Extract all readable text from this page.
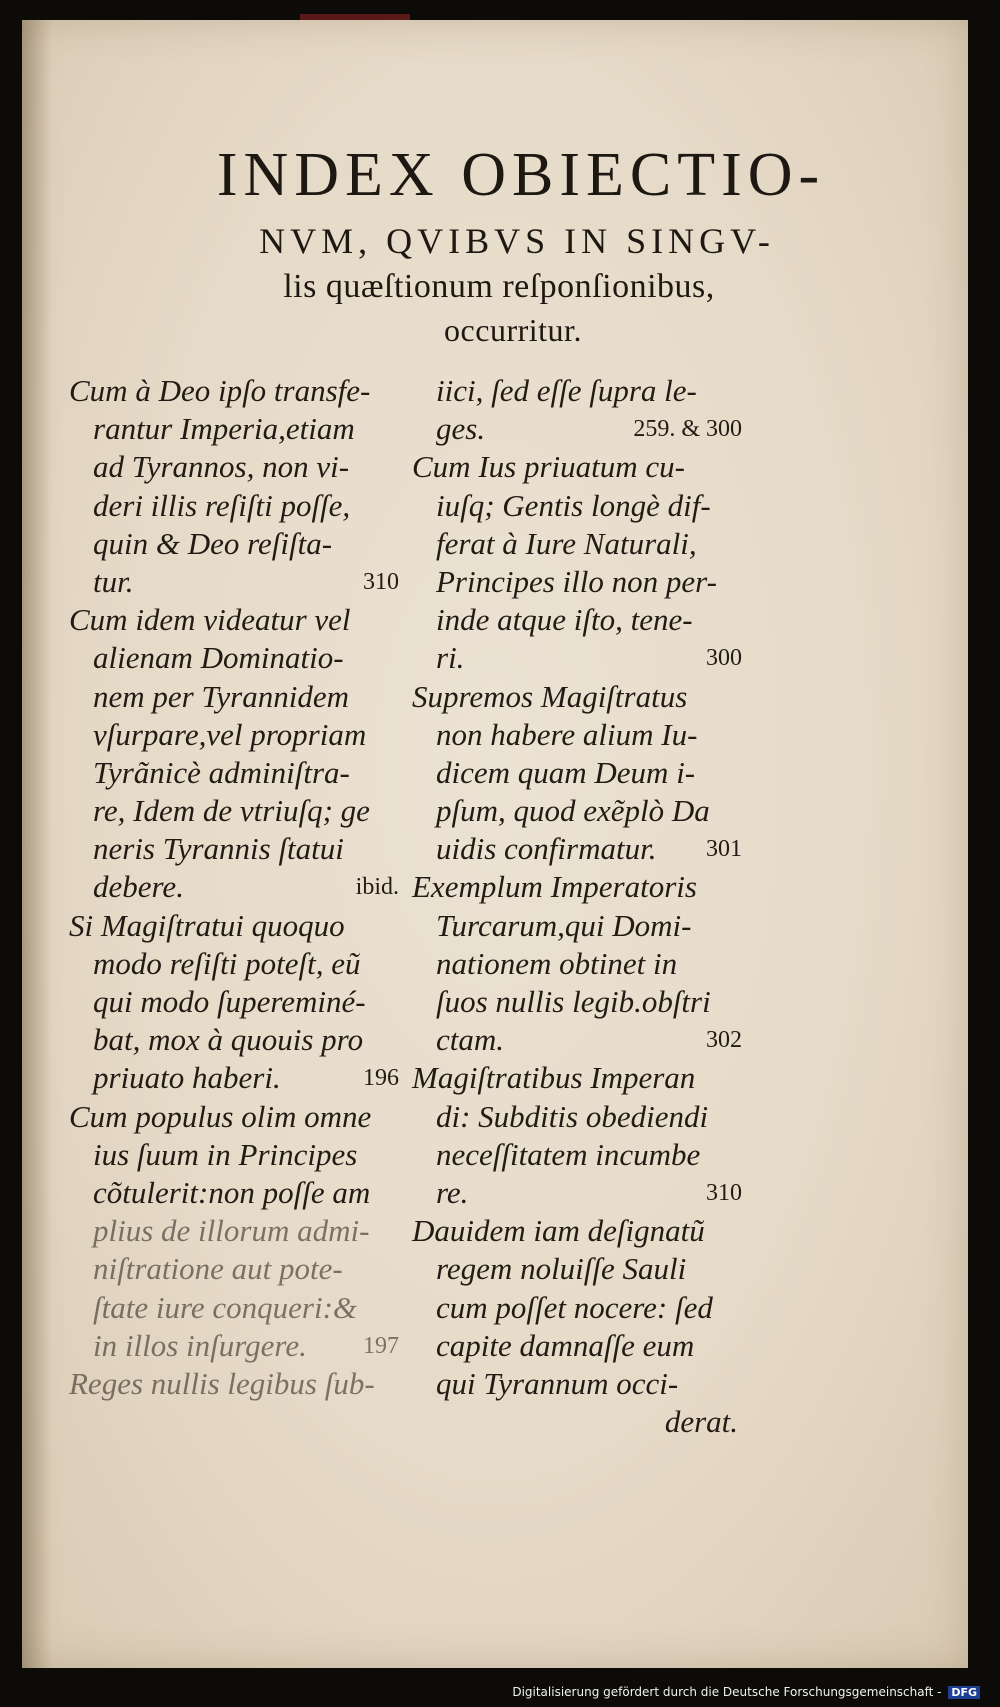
INDEX OBIECTIO-
NVM, QVIBVS IN SINGV-
lis quæſtionum reſponſionibus,
occurritur.
Cum à Deo ipſo transfe-
rantur Imperia,etiam
ad Tyrannos, non vi-
deri illis reſiſti poſſe,
quin & Deo reſiſta-
tur.	310
Cum idem videatur vel
alienam Dominatio-
nem per Tyrannidem
vſurpare,vel propriam
Tyrãnicè adminiſtra-
re, Idem de vtriuſq; ge
neris Tyrannis ſtatui
debere.	ibid.
Si Magiſtratui quoquo
modo reſiſti poteſt, eũ
qui modo ſupereminé-
bat, mox à quouis pro
priuato haberi.	196
Cum populus olim omne
ius ſuum in Principes
cõtulerit:non poſſe am
plius de illorum admi-
niſtratione aut pote-
ſtate iure conqueri:&
in illos inſurgere. 197
Reges nullis legibus ſub-
iici, ſed eſſe ſupra le-
ges.	259. & 300
Cum Ius priuatum cu-
iuſq; Gentis longè dif-
ferat à Iure Naturali,
Principes illo non per-
inde atque iſto, tene-
ri.	300
Supremos Magiſtratus
non habere alium Iu-
dicem quam Deum i-
pſum, quod exẽplò Da
uidis confirmatur. 301
Exemplum Imperatoris
Turcarum,qui Domi-
nationem obtinet in
ſuos nullis legib.obſtri
ctam.	302
Magiſtratibus Imperan
di: Subditis obediendi
neceſſitatem incumbe
re.	310
Dauidem iam deſignatũ
regem noluiſſe Sauli
cum poſſet nocere: ſed
capite damnaſſe eum
qui Tyrannum occi-
derat.
Digitalisierung gefördert durch die Deutsche Forschungsgemeinschaft - DFG
